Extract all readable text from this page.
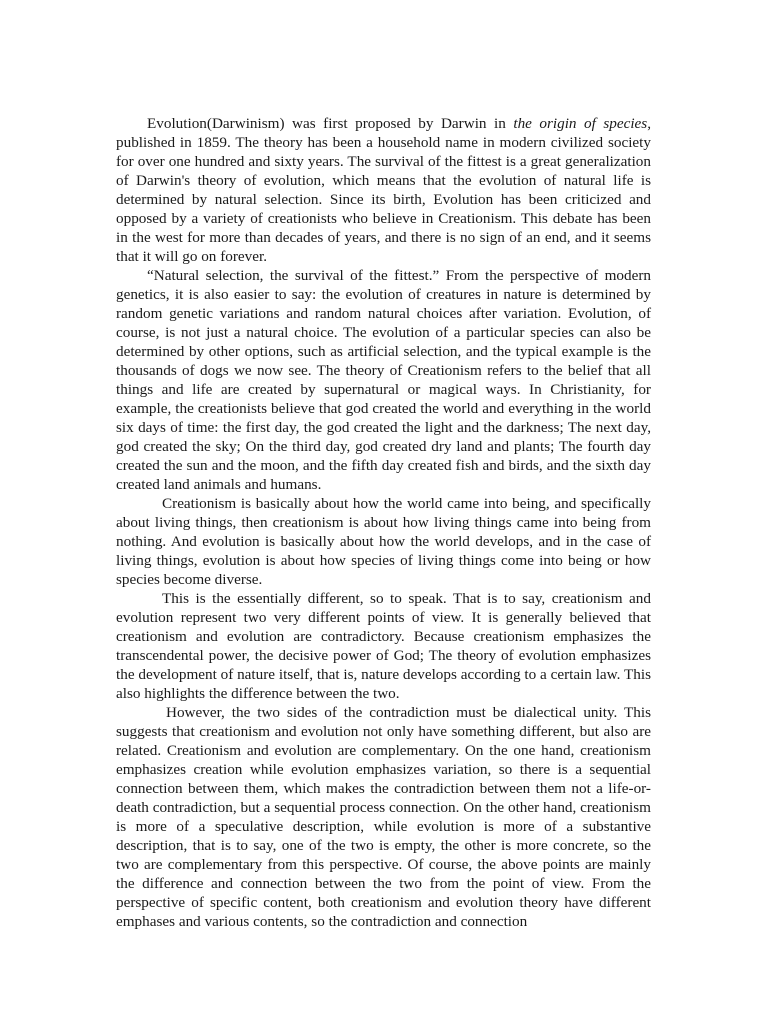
Evolution(Darwinism) was first proposed by Darwin in the origin of species, published in 1859. The theory has been a household name in modern civilized society for over one hundred and sixty years. The survival of the fittest is a great generalization of Darwin's theory of evolution, which means that the evolution of natural life is determined by natural selection. Since its birth, Evolution has been criticized and opposed by a variety of creationists who believe in Creationism. This debate has been in the west for more than decades of years, and there is no sign of an end, and it seems that it will go on forever.

“Natural selection, the survival of the fittest.” From the perspective of modern genetics, it is also easier to say: the evolution of creatures in nature is determined by random genetic variations and random natural choices after variation. Evolution, of course, is not just a natural choice. The evolution of a particular species can also be determined by other options, such as artificial selection, and the typical example is the thousands of dogs we now see. The theory of Creationism refers to the belief that all things and life are created by supernatural or magical ways. In Christianity, for example, the creationists believe that god created the world and everything in the world six days of time: the first day, the god created the light and the darkness; The next day, god created the sky; On the third day, god created dry land and plants; The fourth day created the sun and the moon, and the fifth day created fish and birds, and the sixth day created land animals and humans.

Creationism is basically about how the world came into being, and specifically about living things, then creationism is about how living things came into being from nothing. And evolution is basically about how the world develops, and in the case of living things, evolution is about how species of living things come into being or how species become diverse.

This is the essentially different, so to speak. That is to say, creationism and evolution represent two very different points of view. It is generally believed that creationism and evolution are contradictory. Because creationism emphasizes the transcendental power, the decisive power of God; The theory of evolution emphasizes the development of nature itself, that is, nature develops according to a certain law. This also highlights the difference between the two.

However, the two sides of the contradiction must be dialectical unity. This suggests that creationism and evolution not only have something different, but also are related. Creationism and evolution are complementary. On the one hand, creationism emphasizes creation while evolution emphasizes variation, so there is a sequential connection between them, which makes the contradiction between them not a life-or-death contradiction, but a sequential process connection. On the other hand, creationism is more of a speculative description, while evolution is more of a substantive description, that is to say, one of the two is empty, the other is more concrete, so the two are complementary from this perspective. Of course, the above points are mainly the difference and connection between the two from the point of view. From the perspective of specific content, both creationism and evolution theory have different emphases and various contents, so the contradiction and connection
